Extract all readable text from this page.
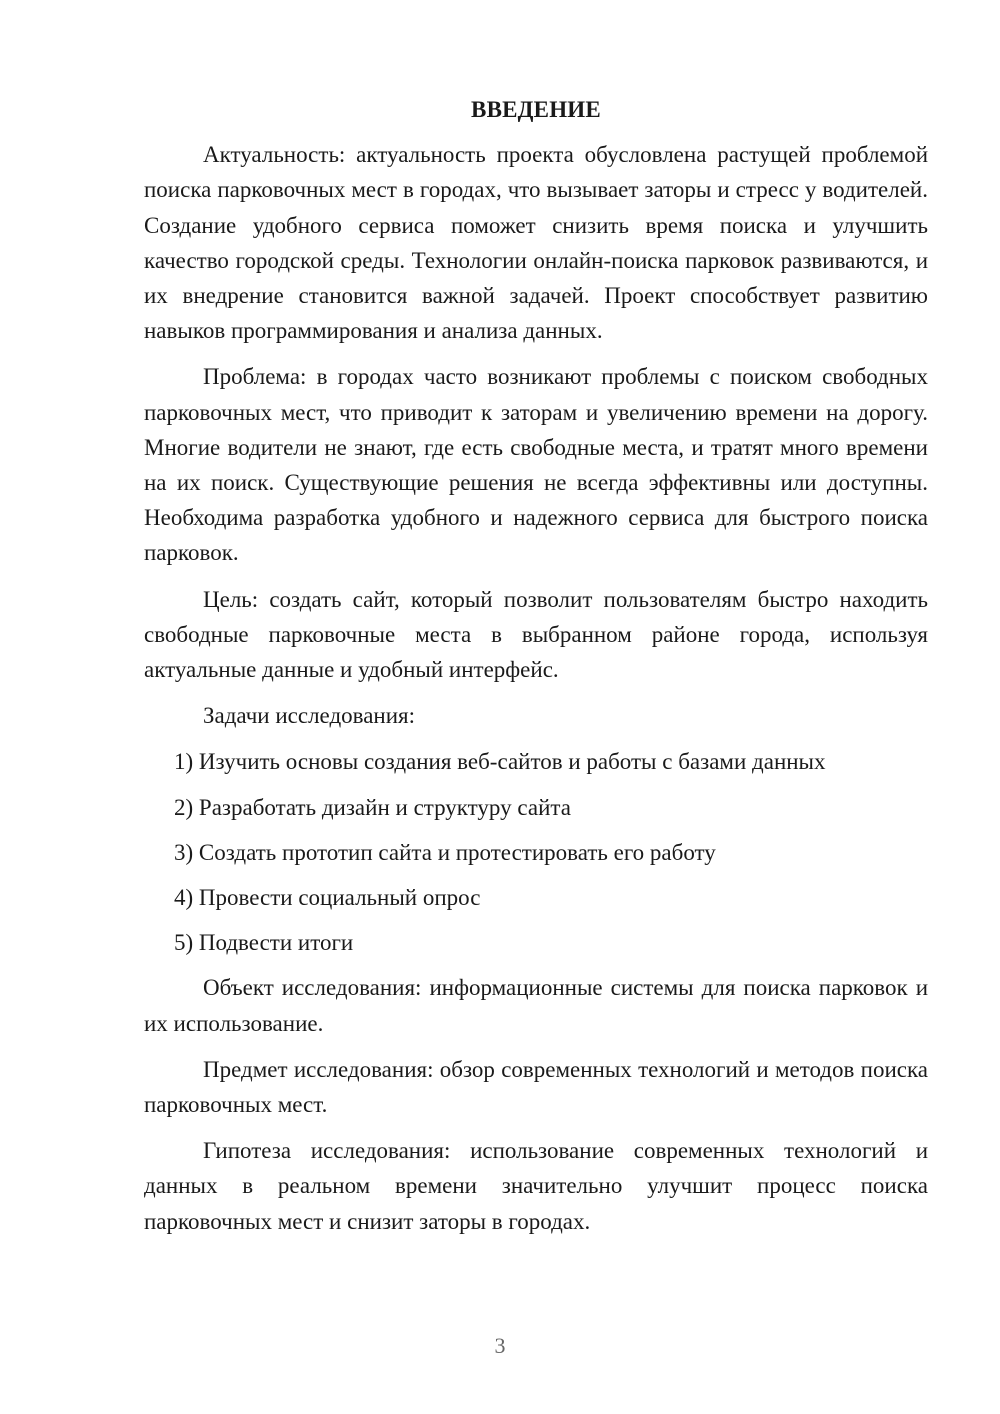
ВВЕДЕНИЕ

Актуальность: актуальность проекта обусловлена растущей проблемой поиска парковочных мест в городах, что вызывает заторы и стресс у водителей. Создание удобного сервиса поможет снизить время поиска и улучшить качество городской среды. Технологии онлайн-поиска парковок развиваются, и их внедрение становится важной задачей. Проект способствует развитию навыков программирования и анализа данных.

Проблема: в городах часто возникают проблемы с поиском свободных парковочных мест, что приводит к заторам и увеличению времени на дорогу. Многие водители не знают, где есть свободные места, и тратят много времени на их поиск. Существующие решения не всегда эффективны или доступны. Необходима разработка удобного и надежного сервиса для быстрого поиска парковок.

Цель: создать сайт, который позволит пользователям быстро находить свободные парковочные места в выбранном районе города, используя актуальные данные и удобный интерфейс.

Задачи исследования:

1) Изучить основы создания веб-сайтов и работы с базами данных

2) Разработать дизайн и структуру сайта

3) Создать прототип сайта и протестировать его работу

4) Провести социальный опрос

5) Подвести итоги

Объект исследования: информационные системы для поиска парковок и их использование.

Предмет исследования: обзор современных технологий и методов поиска парковочных мест.

Гипотеза исследования: использование современных технологий и данных в реальном времени значительно улучшит процесс поиска парковочных мест и снизит заторы в городах.

3
